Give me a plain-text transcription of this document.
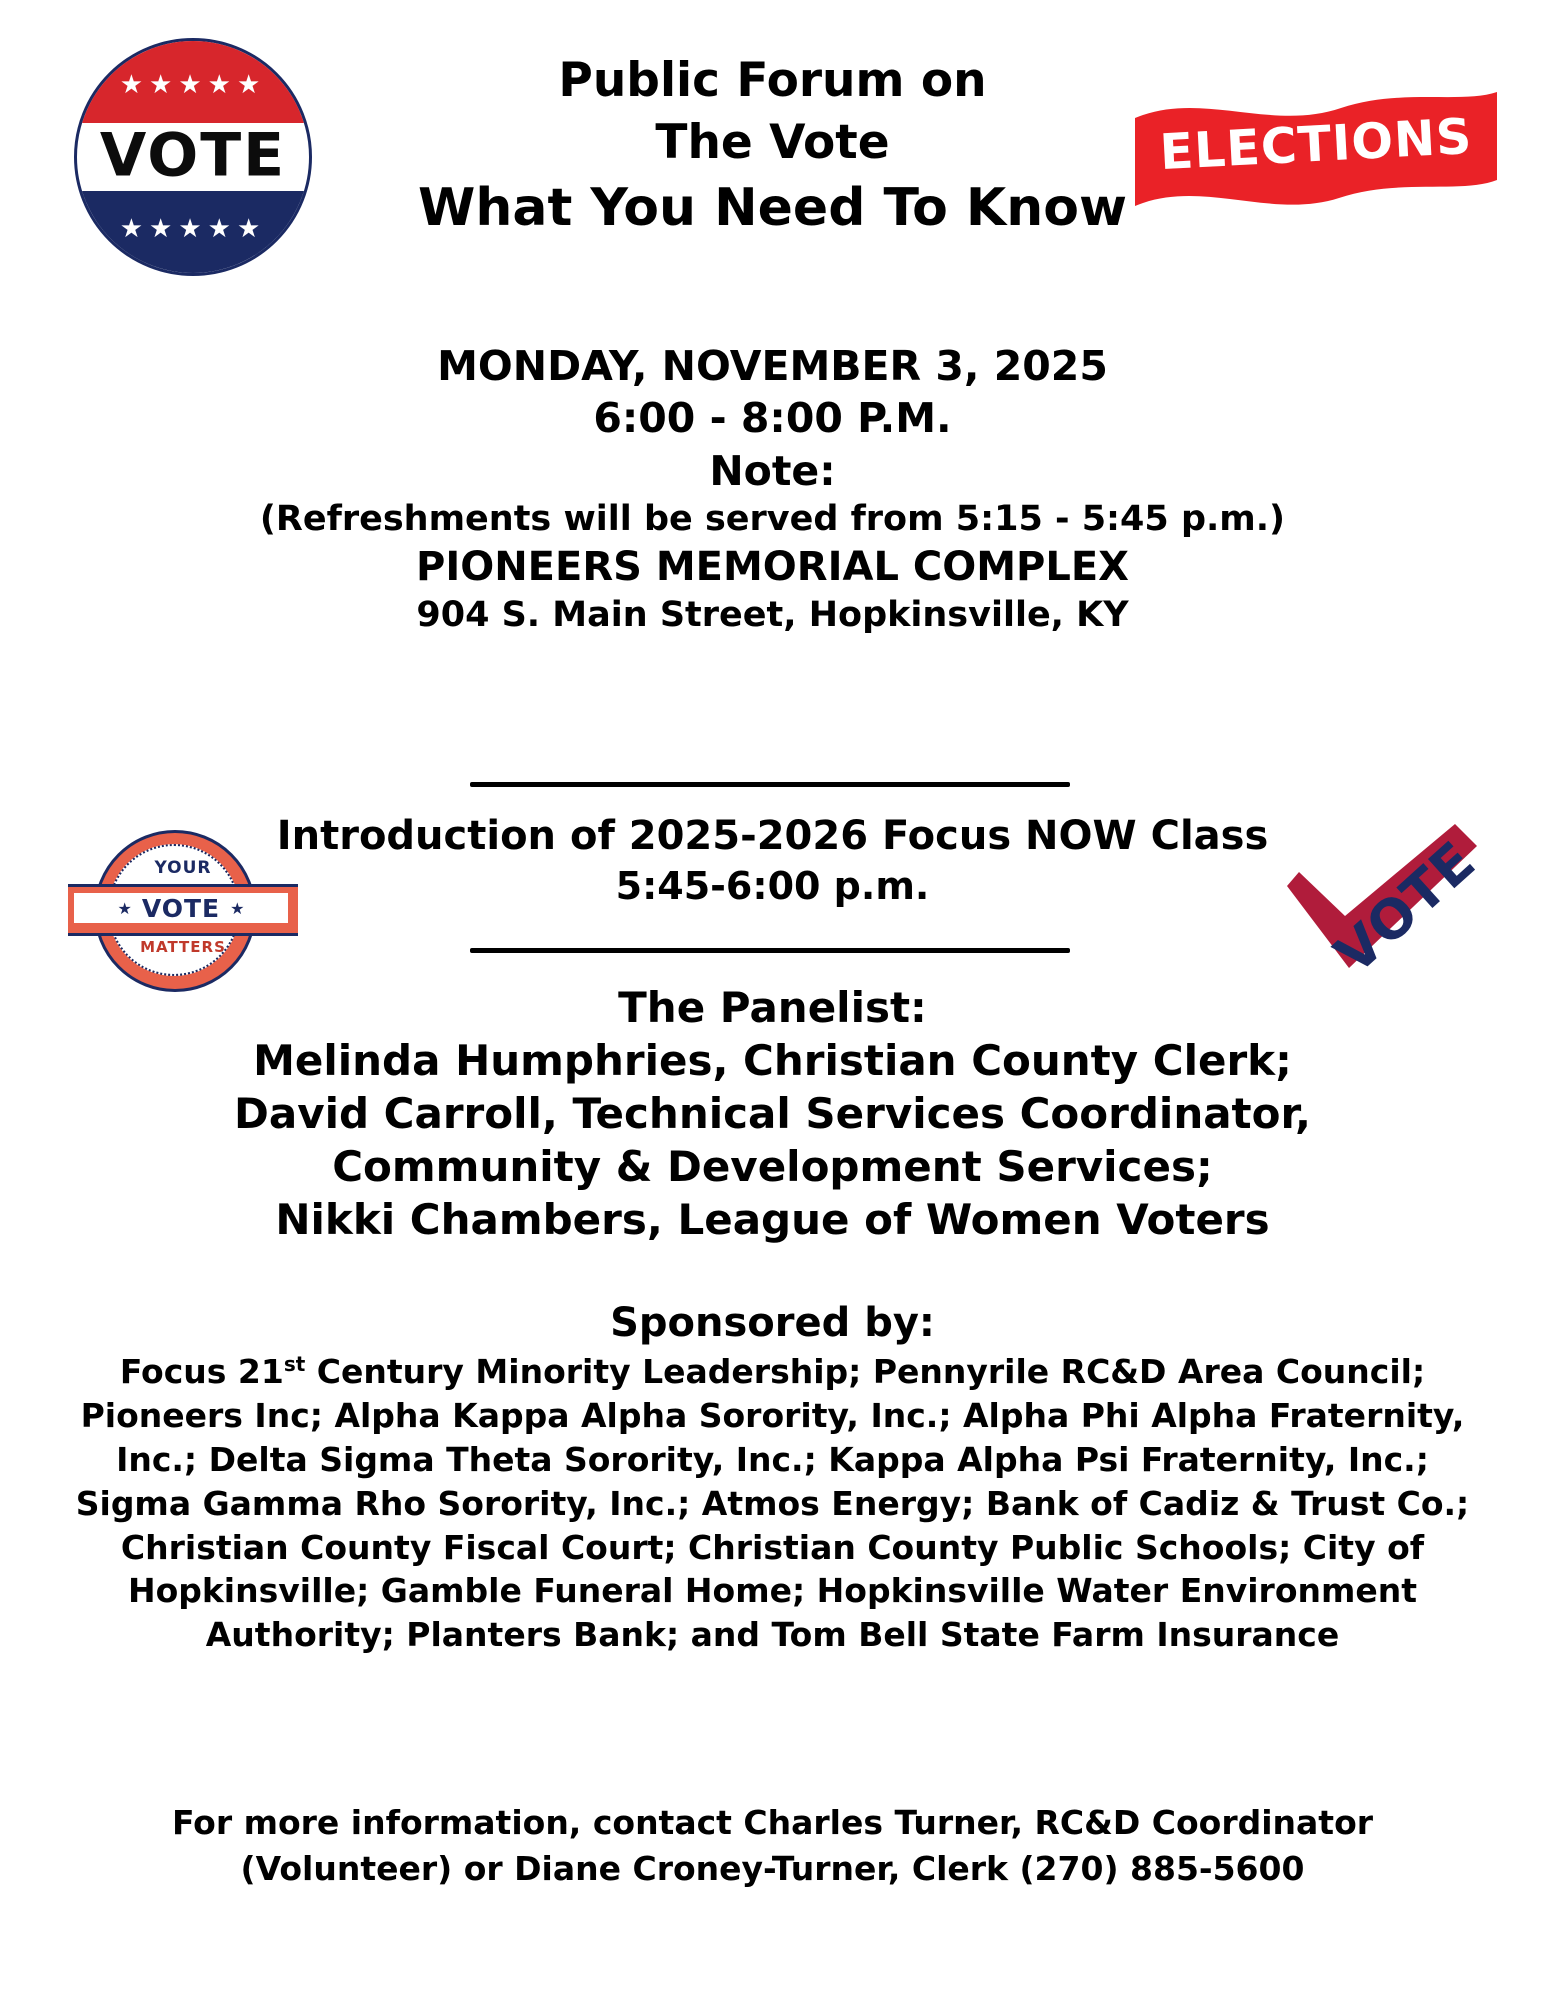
★★★★★
★★★★★
VOTE	ELECTIONS
YOUR
★ VOTE ★
MATTERS	VOTE
Public Forum on
The Vote
What You Need To Know
MONDAY, NOVEMBER 3, 2025
6:00 - 8:00 P.M.
Note:
(Refreshments will be served from 5:15 - 5:45 p.m.)
PIONEERS MEMORIAL COMPLEX
904 S. Main Street, Hopkinsville, KY
Introduction of 2025-2026 Focus NOW Class
5:45-6:00 p.m.
The Panelist:
Melinda Humphries, Christian County Clerk;
David Carroll, Technical Services Coordinator,
Community & Development Services;
Nikki Chambers, League of Women Voters
Sponsored by:
Focus 21st Century Minority Leadership; Pennyrile RC&D Area Council; Pioneers Inc; Alpha Kappa Alpha Sorority, Inc.; Alpha Phi Alpha Fraternity, Inc.; Delta Sigma Theta Sorority, Inc.; Kappa Alpha Psi Fraternity, Inc.; Sigma Gamma Rho Sorority, Inc.; Atmos Energy; Bank of Cadiz & Trust Co.; Christian County Fiscal Court; Christian County Public Schools; City of Hopkinsville; Gamble Funeral Home; Hopkinsville Water Environment Authority; Planters Bank; and Tom Bell State Farm Insurance
For more information, contact Charles Turner, RC&D Coordinator
(Volunteer) or Diane Croney-Turner, Clerk (270) 885-5600
